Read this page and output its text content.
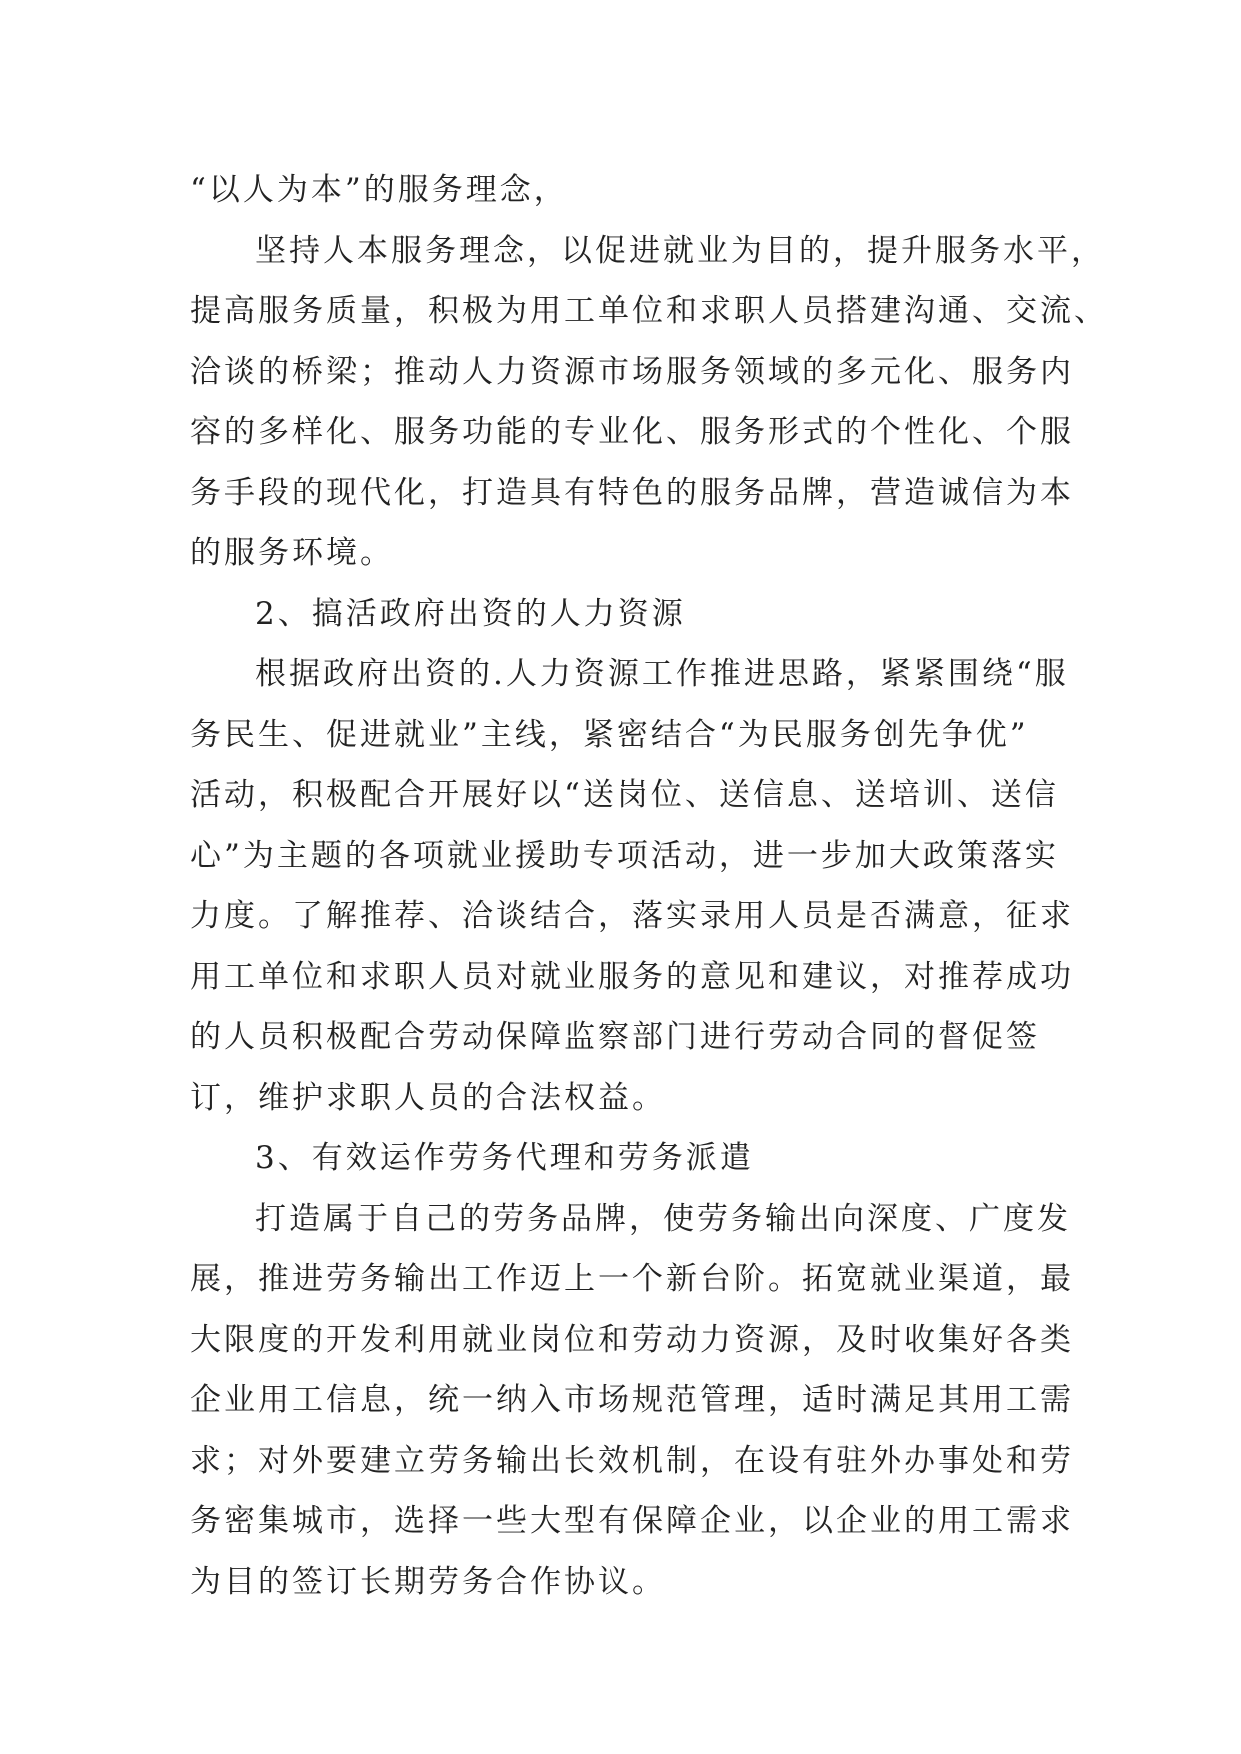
“以人为本”的服务理念，
坚持人本服务理念，以促进就业为目的，提升服务水平，
提高服务质量，积极为用工单位和求职人员搭建沟通、交流、
洽谈的桥梁；推动人力资源市场服务领域的多元化、服务内
容的多样化、服务功能的专业化、服务形式的个性化、个服
务手段的现代化，打造具有特色的服务品牌，营造诚信为本
的服务环境。
2、搞活政府出资的人力资源
根据政府出资的.人力资源工作推进思路，紧紧围绕“服
务民生、促进就业”主线，紧密结合“为民服务创先争优”
活动，积极配合开展好以“送岗位、送信息、送培训、送信
心”为主题的各项就业援助专项活动，进一步加大政策落实
力度。了解推荐、洽谈结合，落实录用人员是否满意，征求
用工单位和求职人员对就业服务的意见和建议，对推荐成功
的人员积极配合劳动保障监察部门进行劳动合同的督促签
订，维护求职人员的合法权益。
3、有效运作劳务代理和劳务派遣
打造属于自己的劳务品牌，使劳务输出向深度、广度发
展，推进劳务输出工作迈上一个新台阶。拓宽就业渠道，最
大限度的开发利用就业岗位和劳动力资源，及时收集好各类
企业用工信息，统一纳入市场规范管理，适时满足其用工需
求；对外要建立劳务输出长效机制，在设有驻外办事处和劳
务密集城市，选择一些大型有保障企业，以企业的用工需求
为目的签订长期劳务合作协议。
